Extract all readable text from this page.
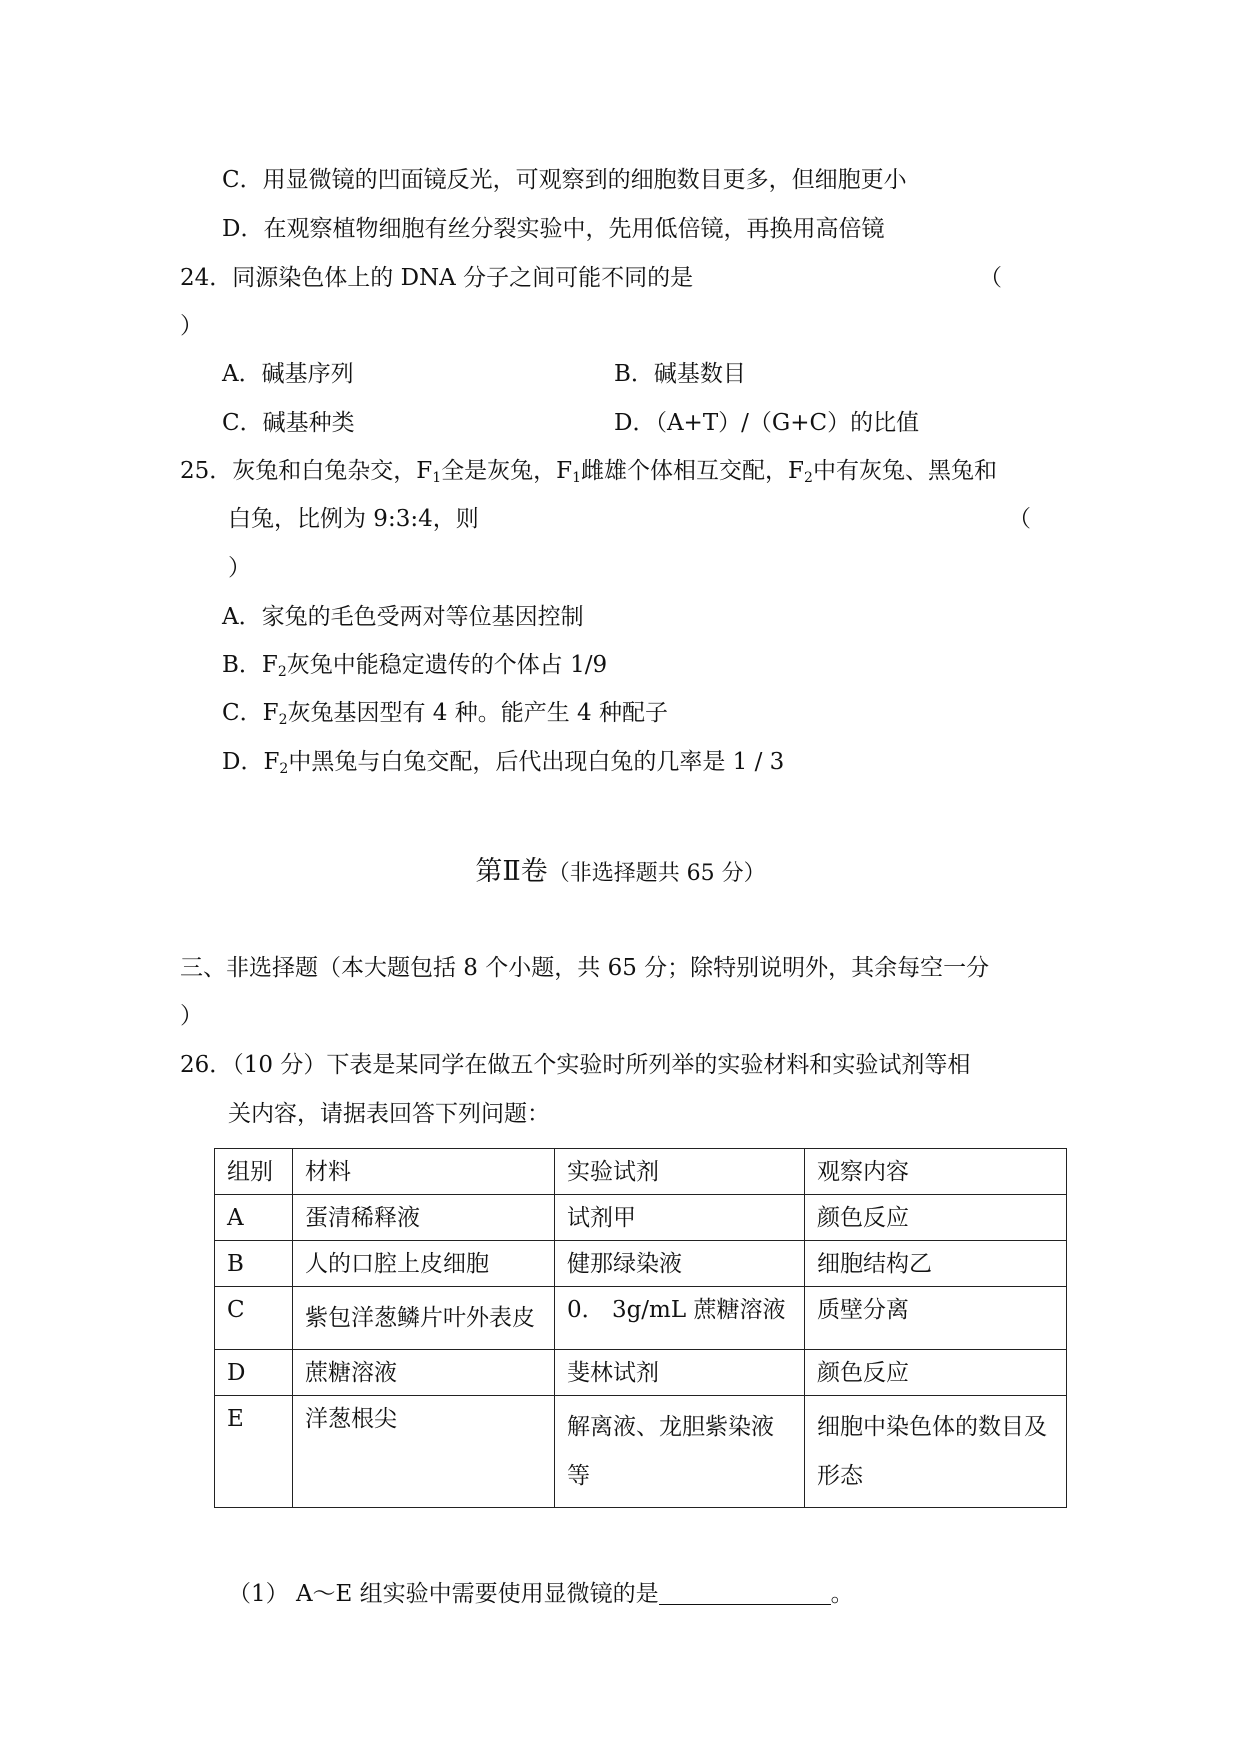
C．用显微镜的凹面镜反光，可观察到的细胞数目更多，但细胞更小
D．在观察植物细胞有丝分裂实验中，先用低倍镜，再换用高倍镜
24．同源染色体上的 DNA 分子之间可能不同的是	（
）
A．碱基序列	B．碱基数目
C．碱基种类	D．（A+T）/（G+C）的比值
25．灰兔和白兔杂交，$F_1$全是灰兔，$F_1$雌雄个体相互交配，$F_2$中有灰兔、黑兔和
白兔，比例为 9:3:4，则	（
）
A．家兔的毛色受两对等位基因控制
B．$F_2$灰兔中能稳定遗传的个体占 1/9
C．$F_2$灰兔基因型有 4 种。能产生 4 种配子
D．$F_2$中黑兔与白兔交配，后代出现白兔的几率是 1 / 3
第Ⅱ卷（非选择题共 65 分）
三、非选择题（本大题包括 8 个小题，共 65 分；除特别说明外，其余每空一分
）
26．（10 分）下表是某同学在做五个实验时所列举的实验材料和实验试剂等相
关内容，请据表回答下列问题：
组别	材料	实验试剂	观察内容
A	蛋清稀释液	试剂甲	颜色反应
B	人的口腔上皮细胞	健那绿染液	细胞结构乙
C	紫包洋葱鳞片叶外表皮	0． 3g/mL 蔗糖溶液	质壁分离
D	蔗糖溶液	斐林试剂	颜色反应
E	洋葱根尖	解离液、龙胆紫染液等	细胞中染色体的数目及形态
（1） A～E 组实验中需要使用显微镜的是	。
